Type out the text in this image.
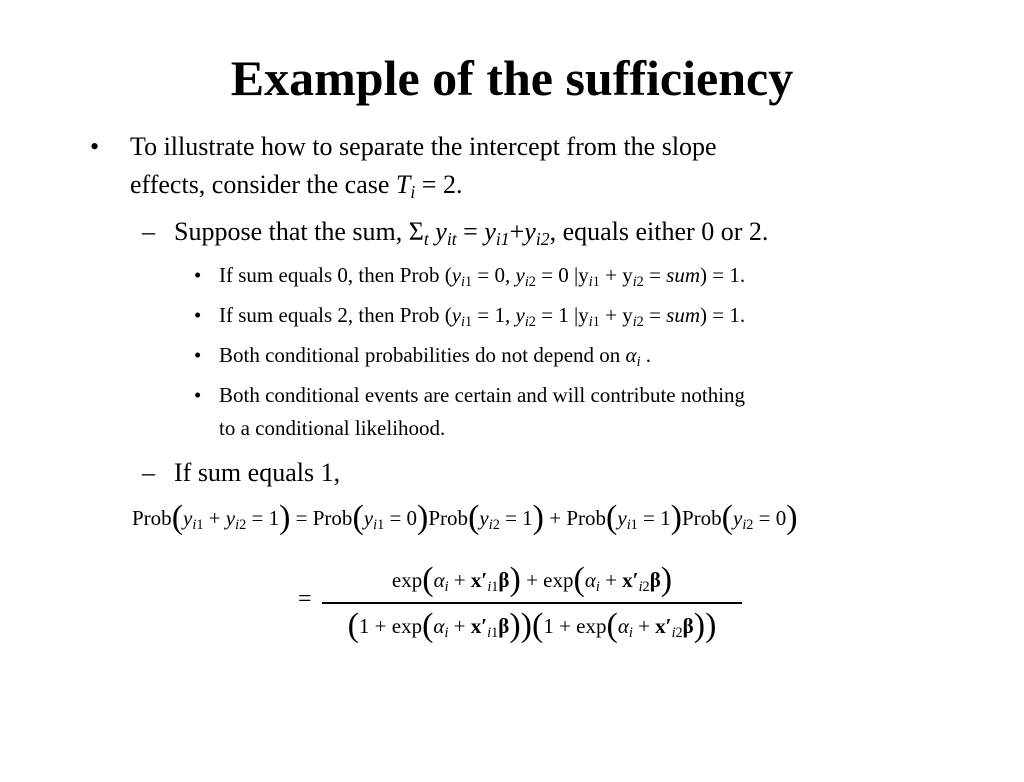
Example of the sufficiency
• To illustrate how to separate the intercept from the slope
effects, consider the case $T_i = 2$.
– Suppose that the sum, $\Sigma_t$ $y_{it} = y_{i1}+y_{i2}$, equals either 0 or 2.
• If sum equals 0, then Prob ($y_{i1} = 0$, $y_{i2} = 0$ $|y_{i1} + y_{i2} = sum) = 1$.
• If sum equals 2, then Prob ($y_{i1} = 1$, $y_{i2} = 1$ $|y_{i1} + y_{i2} = sum) = 1$.
• Both conditional probabilities do not depend on $\alpha_i$ .
• Both conditional events are certain and will contribute nothing
to a conditional likelihood.
– If sum equals 1,
$Prob(y_{i1} + y_{i2} = 1)$ = $Prob(y_{i1}$ = $0)Prob(y_{i2} = 1)$ + $Prob(y_{i1}$ = $1)Prob(y_{i2} = 0)$
=
$\exp(\alpha_i + x'_{i1}\beta) + \exp(\alpha_i + x'_{i2}\beta)$
$(1 + \exp(\alpha_i + x'_{i1}\beta))(1 + \exp(\alpha_i + x'_{i2}\beta))$
